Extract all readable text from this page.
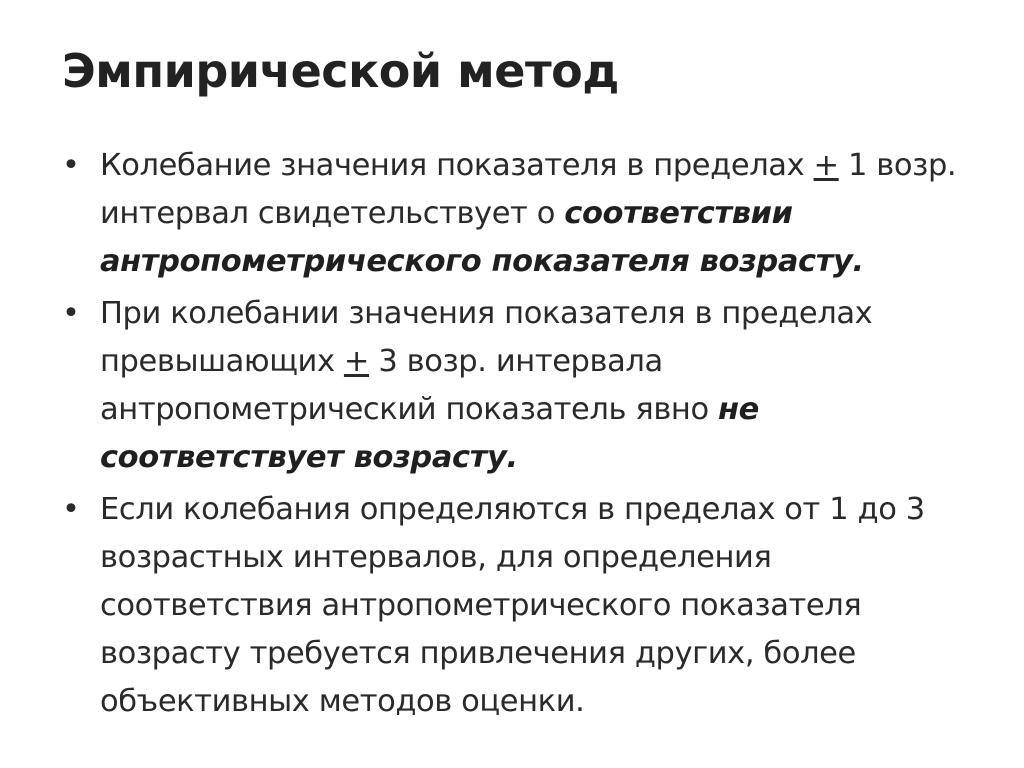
Эмпирической метод
• Колебание значения показателя в пределах + 1 возр. интервал свидетельствует о соответствии антропометрического показателя возрасту.
• При колебании значения показателя в пределах превышающих + 3 возр. интервала антропометрический показатель явно не соответствует возрасту.
• Если колебания определяются в пределах от 1 до 3 возрастных интервалов, для определения соответствия антропометрического показателя возрасту требуется привлечения других, более объективных методов оценки.
